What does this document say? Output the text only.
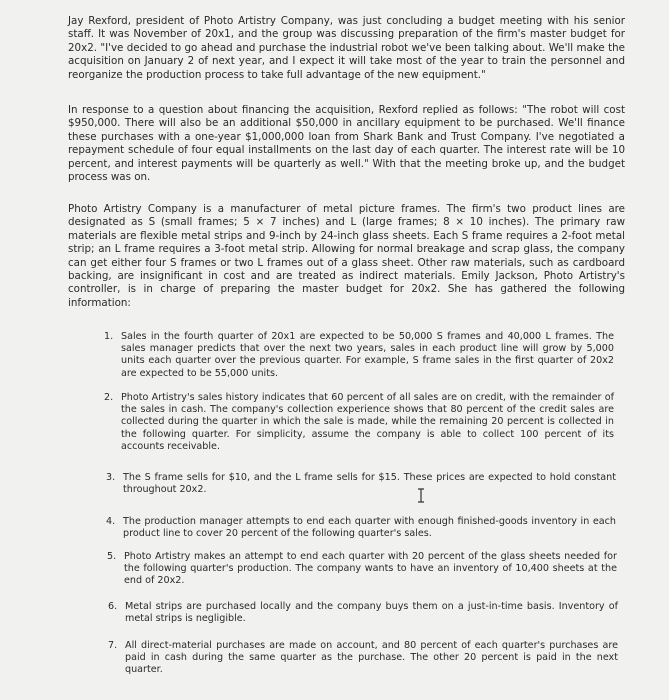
Jay Rexford, president of Photo Artistry Company, was just concluding a budget meeting with his senior staff. It was November of 20x1, and the group was discussing preparation of the firm's master budget for 20x2. "I've decided to go ahead and purchase the industrial robot we've been talking about. We'll make the acquisition on January 2 of next year, and I expect it will take most of the year to train the personnel and reorganize the production process to take full advantage of the new equipment."

In response to a question about financing the acquisition, Rexford replied as follows: "The robot will cost $950,000. There will also be an additional $50,000 in ancillary equipment to be purchased. We'll finance these purchases with a one-year $1,000,000 loan from Shark Bank and Trust Company. I've negotiated a repayment schedule of four equal installments on the last day of each quarter. The interest rate will be 10 percent, and interest payments will be quarterly as well." With that the meeting broke up, and the budget process was on.

Photo Artistry Company is a manufacturer of metal picture frames. The firm's two product lines are designated as S (small frames; 5 × 7 inches) and L (large frames; 8 × 10 inches). The primary raw materials are flexible metal strips and 9-inch by 24-inch glass sheets. Each S frame requires a 2-foot metal strip; an L frame requires a 3-foot metal strip. Allowing for normal breakage and scrap glass, the company can get either four S frames or two L frames out of a glass sheet. Other raw materials, such as cardboard backing, are insignificant in cost and are treated as indirect materials. Emily Jackson, Photo Artistry's controller, is in charge of preparing the master budget for 20x2. She has gathered the following information:

1. Sales in the fourth quarter of 20x1 are expected to be 50,000 S frames and 40,000 L frames. The sales manager predicts that over the next two years, sales in each product line will grow by 5,000 units each quarter over the previous quarter. For example, S frame sales in the first quarter of 20x2 are expected to be 55,000 units.
2. Photo Artistry's sales history indicates that 60 percent of all sales are on credit, with the remainder of the sales in cash. The company's collection experience shows that 80 percent of the credit sales are collected during the quarter in which the sale is made, while the remaining 20 percent is collected in the following quarter. For simplicity, assume the company is able to collect 100 percent of its accounts receivable.
3. The S frame sells for $10, and the L frame sells for $15. These prices are expected to hold constant throughout 20x2.
4. The production manager attempts to end each quarter with enough finished-goods inventory in each product line to cover 20 percent of the following quarter's sales.
5. Photo Artistry makes an attempt to end each quarter with 20 percent of the glass sheets needed for the following quarter's production. The company wants to have an inventory of 10,400 sheets at the end of 20x2.
6. Metal strips are purchased locally and the company buys them on a just-in-time basis. Inventory of metal strips is negligible.
7. All direct-material purchases are made on account, and 80 percent of each quarter's purchases are paid in cash during the same quarter as the purchase. The other 20 percent is paid in the next quarter.
